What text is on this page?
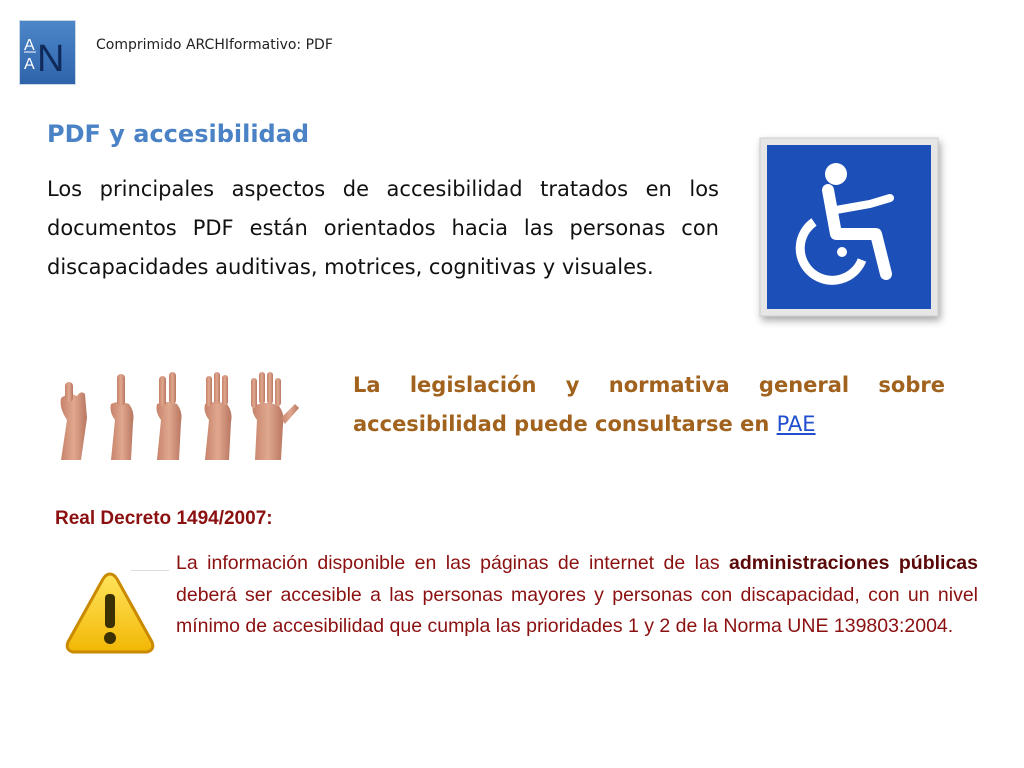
A
A N Comprimido ARCHIformativo: PDF
PDF y accesibilidad

Los principales aspectos de accesibilidad tratados en los documentos PDF están orientados hacia las personas con discapacidades auditivas, motrices, cognitivas y visuales.

La legislación y normativa general sobre accesibilidad puede consultarse en PAE

Real Decreto 1494/2007:

La información disponible en las páginas de internet de las administraciones públicas deberá ser accesible a las personas mayores y personas con discapacidad, con un nivel mínimo de accesibilidad que cumpla las prioridades 1 y 2 de la Norma UNE 139803:2004.
